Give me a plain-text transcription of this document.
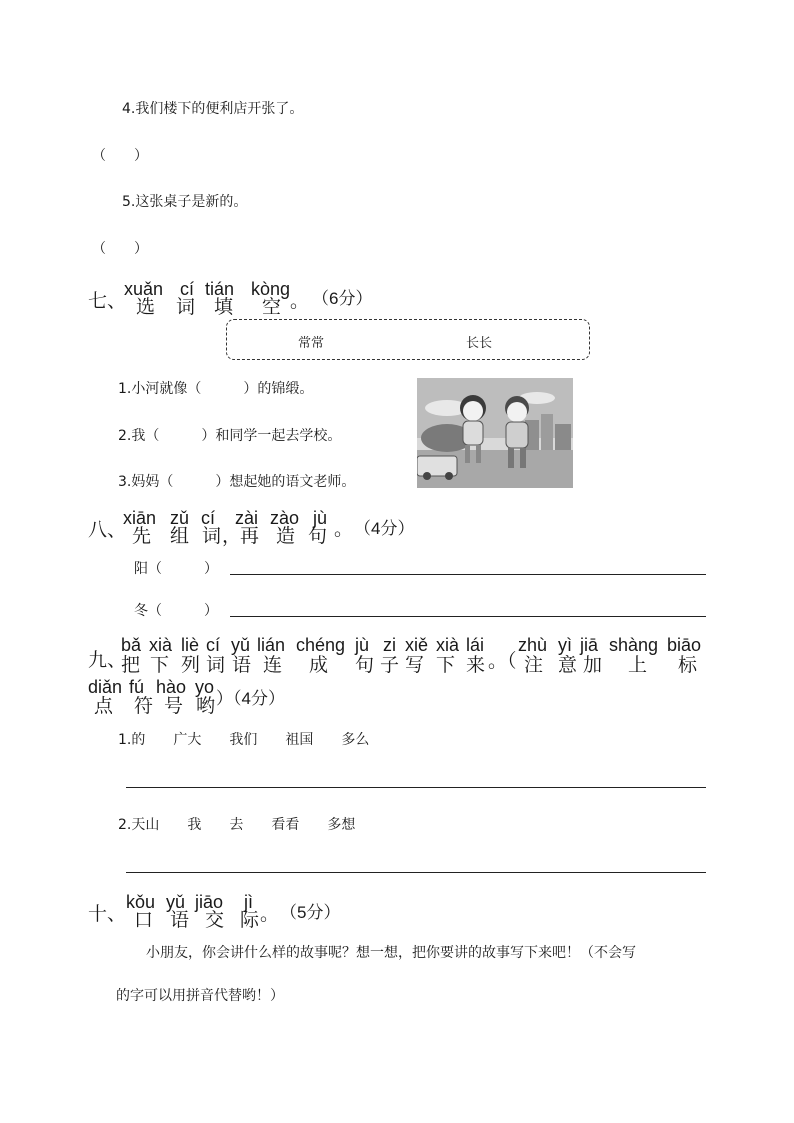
4.我们楼下的便利店开张了。
（　　）
5.这张桌子是新的。
（　　）
七、
xuǎn cí tián kòng
选 词 填 空 。 （6分）
常常	长长
1.小河就像（　　　）的锦缎。
2.我（　　　）和同学一起去学校。
3.妈妈（　　　）想起她的语文老师。
八、
xiān zǔ cí zài zào jù
先 组 词 ，
再 造 句 。 （4分）
阳（　　　）
冬（　　　）
九、
bǎ xià liè cí yǔ lián chéng jù zi xiě xià lái zhù yì jiā shàng biāo
把 下 列 词 语 连 成 句 子 写 下 来 。（ 注 意 加 上 标
diǎn fú hào yo
点 符 号 哟 ）（4分）
1.的　　广大　　我们　　祖国　　多么
2.天山　　我　　去　　看看　　多想
十、
kǒu yǔ jiāo jì
口 语 交 际 。 （5分）
小朋友，你会讲什么样的故事呢？想一想，把你要讲的故事写下来吧！（不会写
的字可以用拼音代替哟！）
